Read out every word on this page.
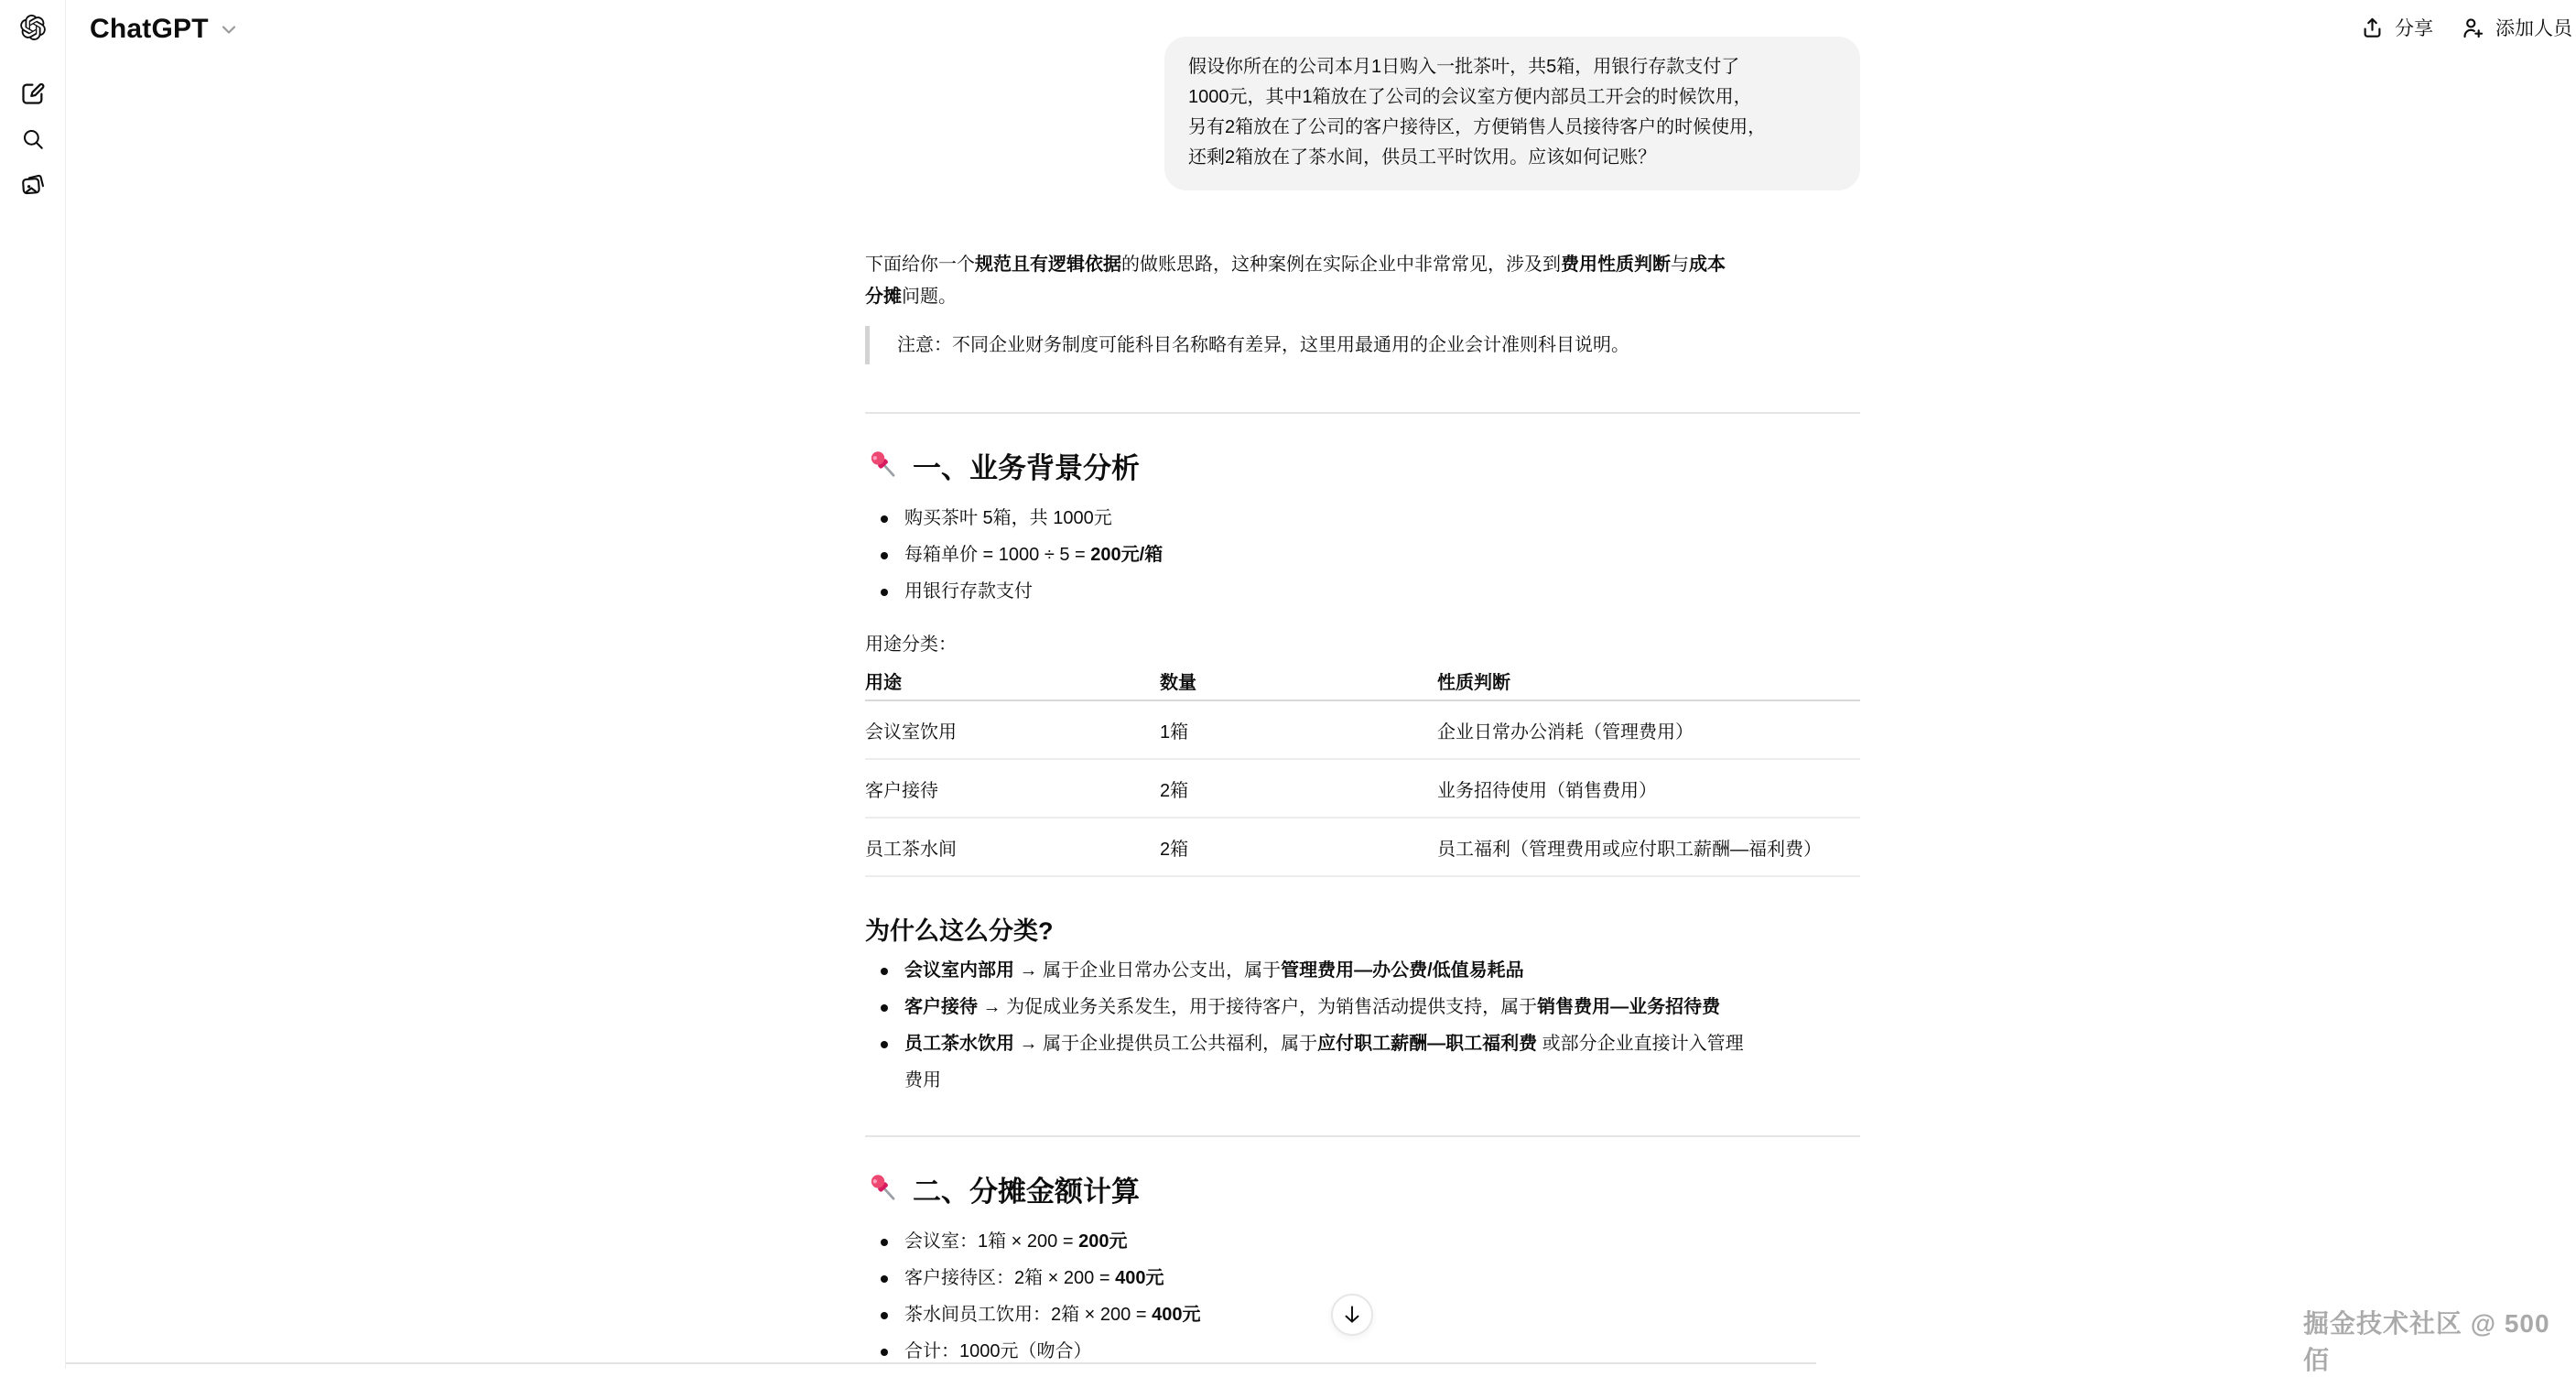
ChatGPT	分享	添加人员
假设你所在的公司本月1日购入一批茶叶，共5箱，用银行存款支付了
1000元，其中1箱放在了公司的会议室方便内部员工开会的时候饮用，
另有2箱放在了公司的客户接待区，方便销售人员接待客户的时候使用，
还剩2箱放在了茶水间，供员工平时饮用。应该如何记账？

下面给你一个规范且有逻辑依据的做账思路，这种案例在实际企业中非常常见，涉及到费用性质判断与成本
分摊问题。

注意：不同企业财务制度可能科目名称略有差异，这里用最通用的企业会计准则科目说明。
一、业务背景分析
购买茶叶 5箱，共 1000元
每箱单价 = 1000 ÷ 5 = 200元/箱
用银行存款支付

用途分类：

用途	数量	性质判断
会议室饮用	1箱	企业日常办公消耗（管理费用）
客户接待	2箱	业务招待使用（销售费用）
员工茶水间	2箱	员工福利（管理费用或应付职工薪酬—福利费）
为什么这么分类?
会议室内部用 → 属于企业日常办公支出，属于管理费用—办公费/低值易耗品
客户接待 → 为促成业务关系发生，用于接待客户，为销售活动提供支持，属于销售费用—业务招待费
员工茶水饮用 → 属于企业提供员工公共福利，属于应付职工薪酬—职工福利费 或部分企业直接计入管理
费用
二、分摊金额计算
会议室：1箱 × 200 = 200元
客户接待区：2箱 × 200 = 400元
茶水间员工饮用：2箱 × 200 = 400元
合计：1000元（吻合）
掘金技术社区 @ 500佰
